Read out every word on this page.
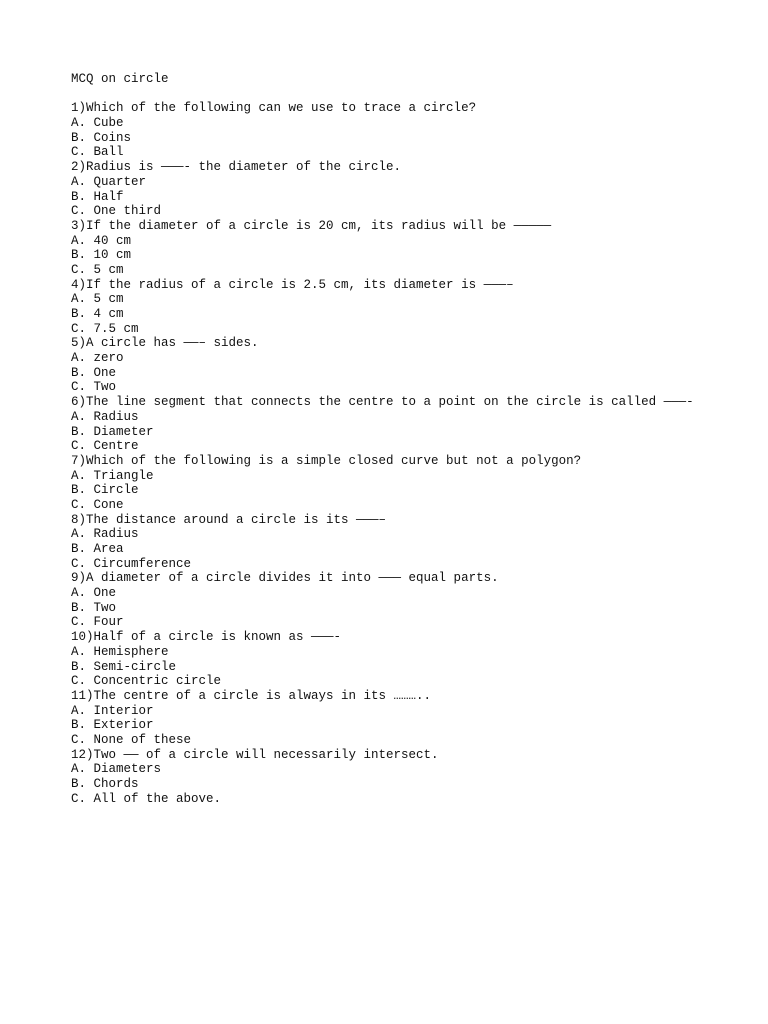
MCQ on circle
1)Which of the following can we use to trace a circle?
A. Cube
B. Coins
C. Ball
2)Radius is ———- the diameter of the circle.
A. Quarter
B. Half
C. One third
3)If the diameter of a circle is 20 cm, its radius will be —————
A. 40 cm
B. 10 cm
C. 5 cm
4)If the radius of a circle is 2.5 cm, its diameter is ———–
A. 5 cm
B. 4 cm
C. 7.5 cm
5)A circle has ——– sides.
A. zero
B. One
C. Two
6)The line segment that connects the centre to a point on the circle is called ———-
A. Radius
B. Diameter
C. Centre
7)Which of the following is a simple closed curve but not a polygon?
A. Triangle
B. Circle
C. Cone
8)The distance around a circle is its ———–
A. Radius
B. Area
C. Circumference
9)A diameter of a circle divides it into ——— equal parts.
A. One
B. Two
C. Four
10)Half of a circle is known as ———-
A. Hemisphere
B. Semi-circle
C. Concentric circle
11)The centre of a circle is always in its ………..
A. Interior
B. Exterior
C. None of these
12)Two —— of a circle will necessarily intersect.
A. Diameters
B. Chords
C. All of the above.
